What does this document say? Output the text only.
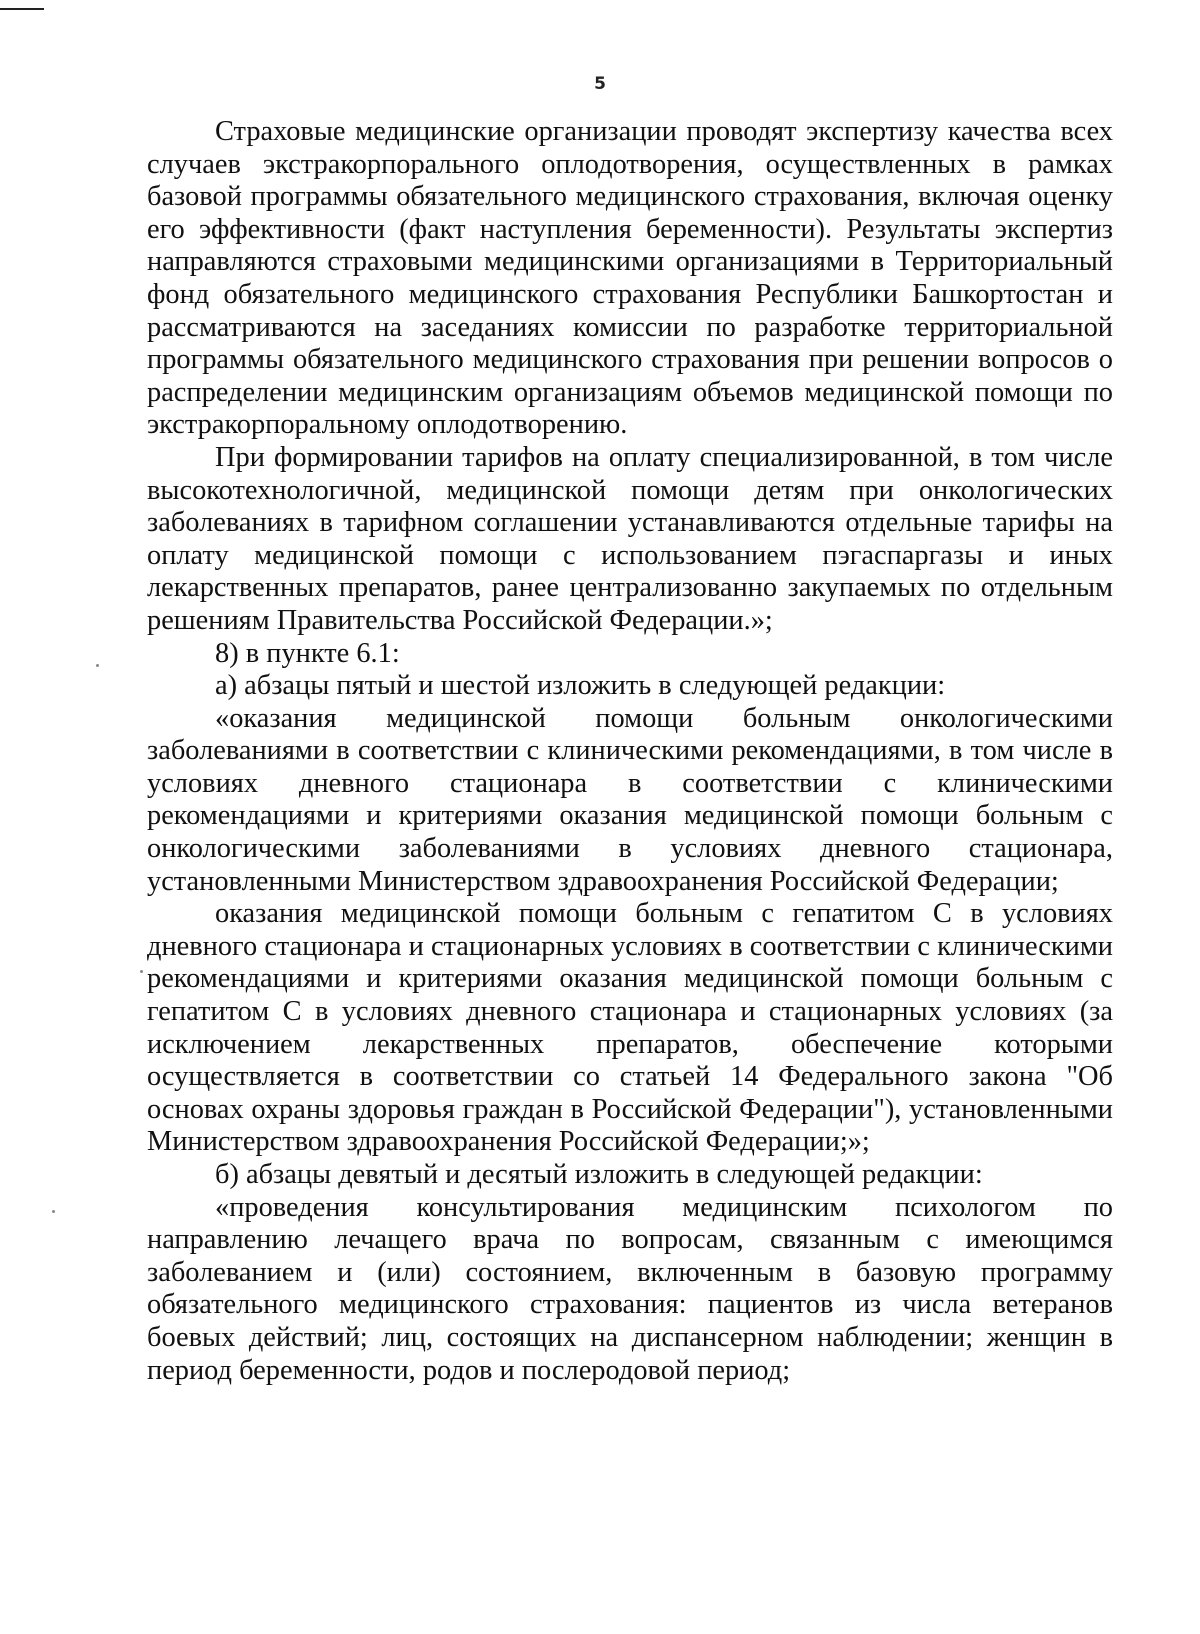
5

Страховые медицинские организации проводят экспертизу качества всех случаев экстракорпорального оплодотворения, осуществленных в рамках базовой программы обязательного медицинского страхования, включая оценку его эффективности (факт наступления беременности). Результаты экспертиз направляются страховыми медицинскими организациями в Территориальный фонд обязательного медицинского страхования Республики Башкортостан и рассматриваются на заседаниях комиссии по разработке территориальной программы обязательного медицинского страхования при решении вопросов о распределении медицинским организациям объемов медицинской помощи по экстракорпоральному оплодотворению.

При формировании тарифов на оплату специализированной, в том числе высокотехнологичной, медицинской помощи детям при онкологических заболеваниях в тарифном соглашении устанавливаются отдельные тарифы на оплату медицинской помощи с использованием пэгаспаргазы и иных лекарственных препаратов, ранее централизованно закупаемых по отдельным решениям Правительства Российской Федерации.»;

8) в пункте 6.1:

а) абзацы пятый и шестой изложить в следующей редакции:

«оказания медицинской помощи больным онкологическими заболеваниями в соответствии с клиническими рекомендациями, в том числе в условиях дневного стационара в соответствии с клиническими рекомендациями и критериями оказания медицинской помощи больным с онкологическими заболеваниями в условиях дневного стационара, установленными Министерством здравоохранения Российской Федерации;

оказания медицинской помощи больным с гепатитом С в условиях дневного стационара и стационарных условиях в соответствии с клиническими рекомендациями и критериями оказания медицинской помощи больным с гепатитом С в условиях дневного стационара и стационарных условиях (за исключением лекарственных препаратов, обеспечение которыми осуществляется в соответствии со статьей 14 Федерального закона "Об основах охраны здоровья граждан в Российской Федерации"), установленными Министерством здравоохранения Российской Федерации;»;

б) абзацы девятый и десятый изложить в следующей редакции:

«проведения консультирования медицинским психологом по направлению лечащего врача по вопросам, связанным с имеющимся заболеванием и (или) состоянием, включенным в базовую программу обязательного медицинского страхования: пациентов из числа ветеранов боевых действий; лиц, состоящих на диспансерном наблюдении; женщин в период беременности, родов и послеродовой период;
